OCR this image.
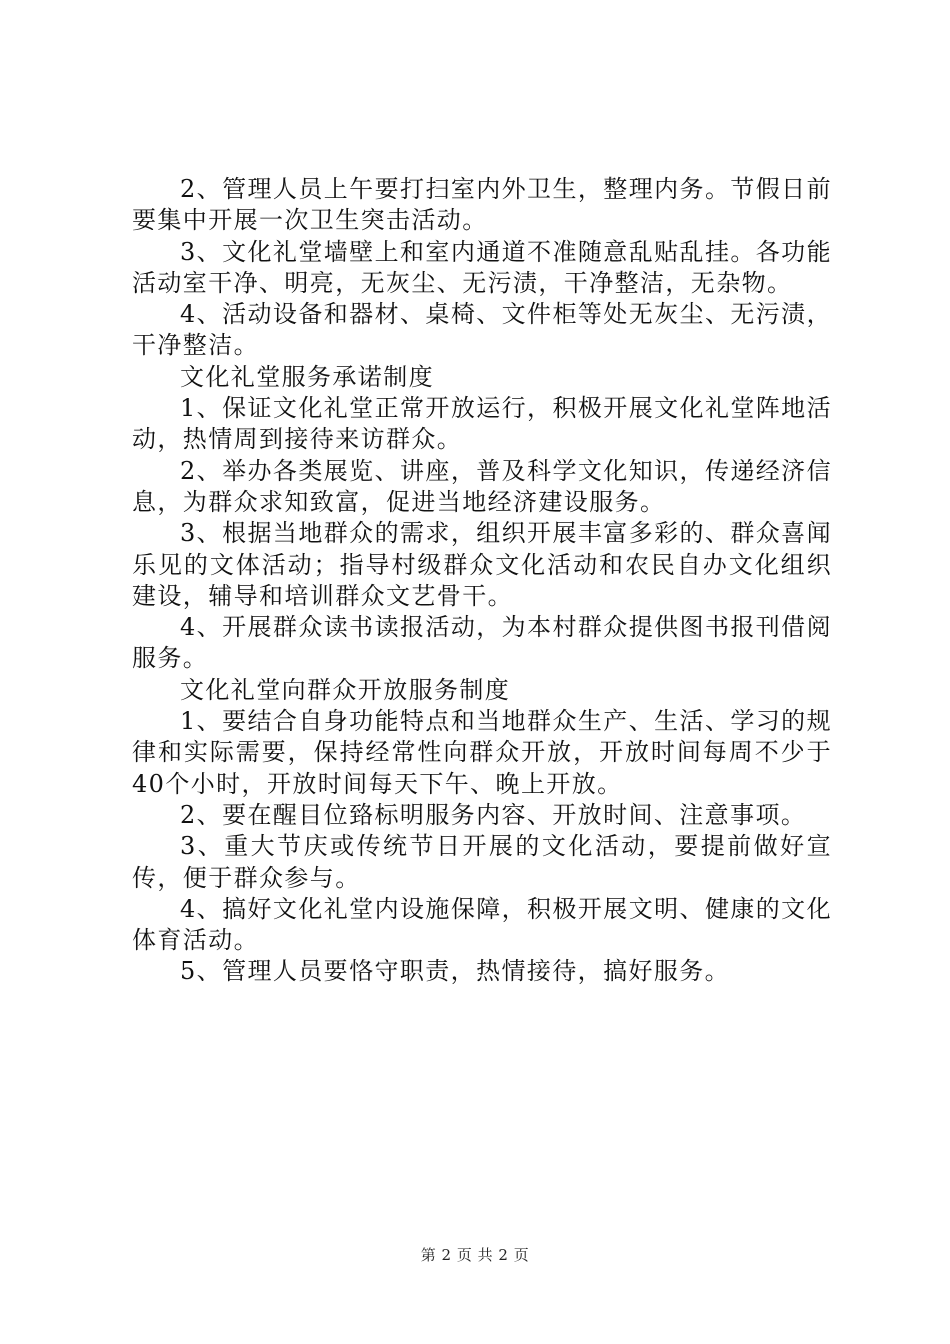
2、管理人员上午要打扫室内外卫生，整理内务。节假日前要集中开展一次卫生突击活动。

3、文化礼堂墙壁上和室内通道不准随意乱贴乱挂。各功能活动室干净、明亮，无灰尘、无污渍，干净整洁，无杂物。

4、活动设备和器材、桌椅、文件柜等处无灰尘、无污渍，干净整洁。

文化礼堂服务承诺制度

1、保证文化礼堂正常开放运行，积极开展文化礼堂阵地活动，热情周到接待来访群众。

2、举办各类展览、讲座，普及科学文化知识，传递经济信息，为群众求知致富，促进当地经济建设服务。

3、根据当地群众的需求，组织开展丰富多彩的、群众喜闻乐见的文体活动；指导村级群众文化活动和农民自办文化组织建设，辅导和培训群众文艺骨干。

4、开展群众读书读报活动，为本村群众提供图书报刊借阅服务。

文化礼堂向群众开放服务制度

1、要结合自身功能特点和当地群众生产、生活、学习的规律和实际需要，保持经常性向群众开放，开放时间每周不少于40个小时，开放时间每天下午、晚上开放。

2、要在醒目位臵标明服务内容、开放时间、注意事项。

3、重大节庆或传统节日开展的文化活动，要提前做好宣传，便于群众参与。

4、搞好文化礼堂内设施保障，积极开展文明、健康的文化体育活动。

5、管理人员要恪守职责，热情接待，搞好服务。

第 2 页 共 2 页
